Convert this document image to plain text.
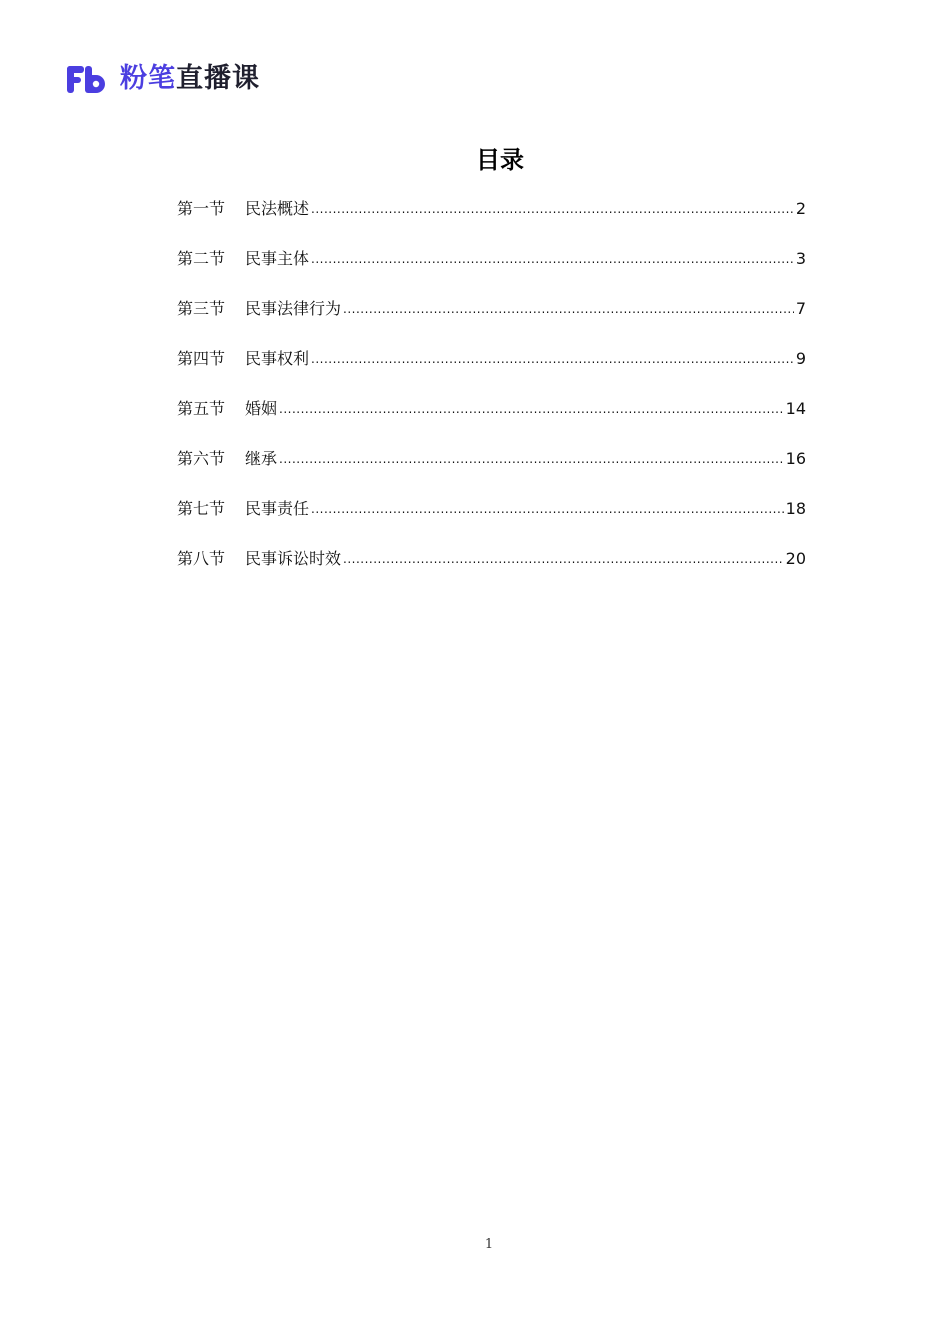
粉笔 直播课
目录
第一节	民法概述 .....	2
第二节	民事主体 .....	3
第三节	民事法律行为 .....	7
第四节	民事权利 .....	9
第五节	婚姻 .....	14
第六节	继承 .....	16
第七节	民事责任 .....	18
第八节	民事诉讼时效 .....	20
1
